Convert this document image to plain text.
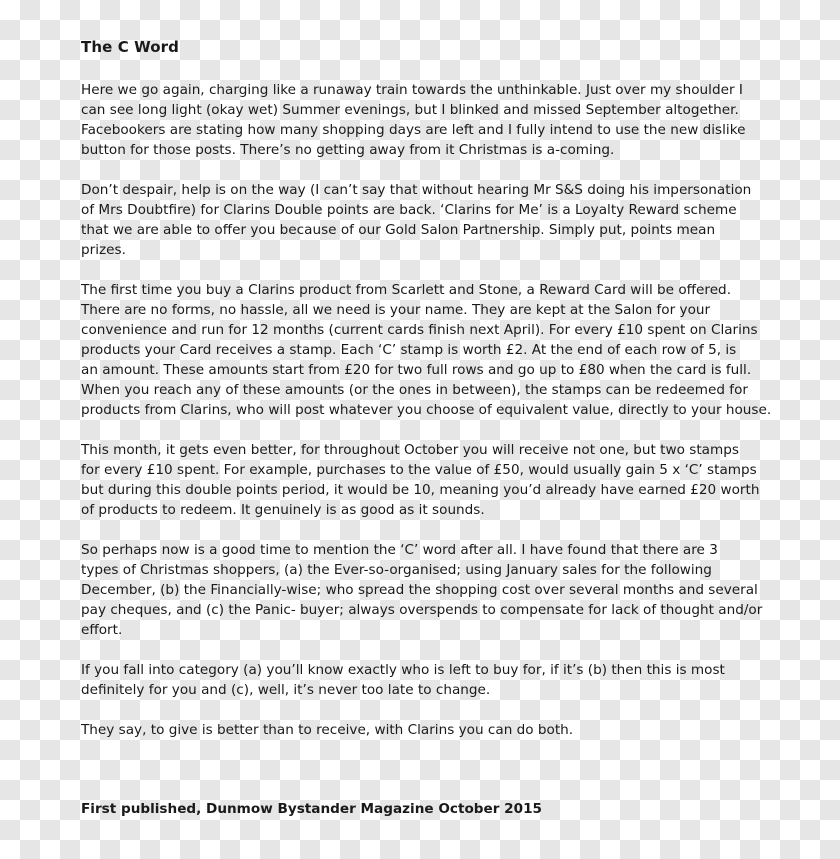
The C Word

Here we go again, charging like a runaway train towards the unthinkable. Just over my shoulder I
can see long light (okay wet) Summer evenings, but I blinked and missed September altogether.
Facebookers are stating how many shopping days are left and I fully intend to use the new dislike
button for those posts. There’s no getting away from it Christmas is a-coming.

Don’t despair, help is on the way (I can’t say that without hearing Mr S&S doing his impersonation
of Mrs Doubtfire) for Clarins Double points are back. ‘Clarins for Me’ is a Loyalty Reward scheme
that we are able to offer you because of our Gold Salon Partnership. Simply put, points mean
prizes.

The first time you buy a Clarins product from Scarlett and Stone, a Reward Card will be offered.
There are no forms, no hassle, all we need is your name. They are kept at the Salon for your
convenience and run for 12 months (current cards finish next April). For every £10 spent on Clarins
products your Card receives a stamp. Each ‘C’ stamp is worth £2. At the end of each row of 5, is
an amount. These amounts start from £20 for two full rows and go up to £80 when the card is full.
When you reach any of these amounts (or the ones in between), the stamps can be redeemed for
products from Clarins, who will post whatever you choose of equivalent value, directly to your house.

This month, it gets even better, for throughout October you will receive not one, but two stamps
for every £10 spent. For example, purchases to the value of £50, would usually gain 5 x ‘C’ stamps
but during this double points period, it would be 10, meaning you’d already have earned £20 worth
of products to redeem. It genuinely is as good as it sounds.

So perhaps now is a good time to mention the ‘C’ word after all. I have found that there are 3
types of Christmas shoppers, (a) the Ever-so-organised; using January sales for the following
December, (b) the Financially-wise; who spread the shopping cost over several months and several
pay cheques, and (c) the Panic- buyer; always overspends to compensate for lack of thought and/or
effort.

If you fall into category (a) you’ll know exactly who is left to buy for, if it’s (b) then this is most
definitely for you and (c), well, it’s never too late to change.

They say, to give is better than to receive, with Clarins you can do both.

First published, Dunmow Bystander Magazine October 2015
